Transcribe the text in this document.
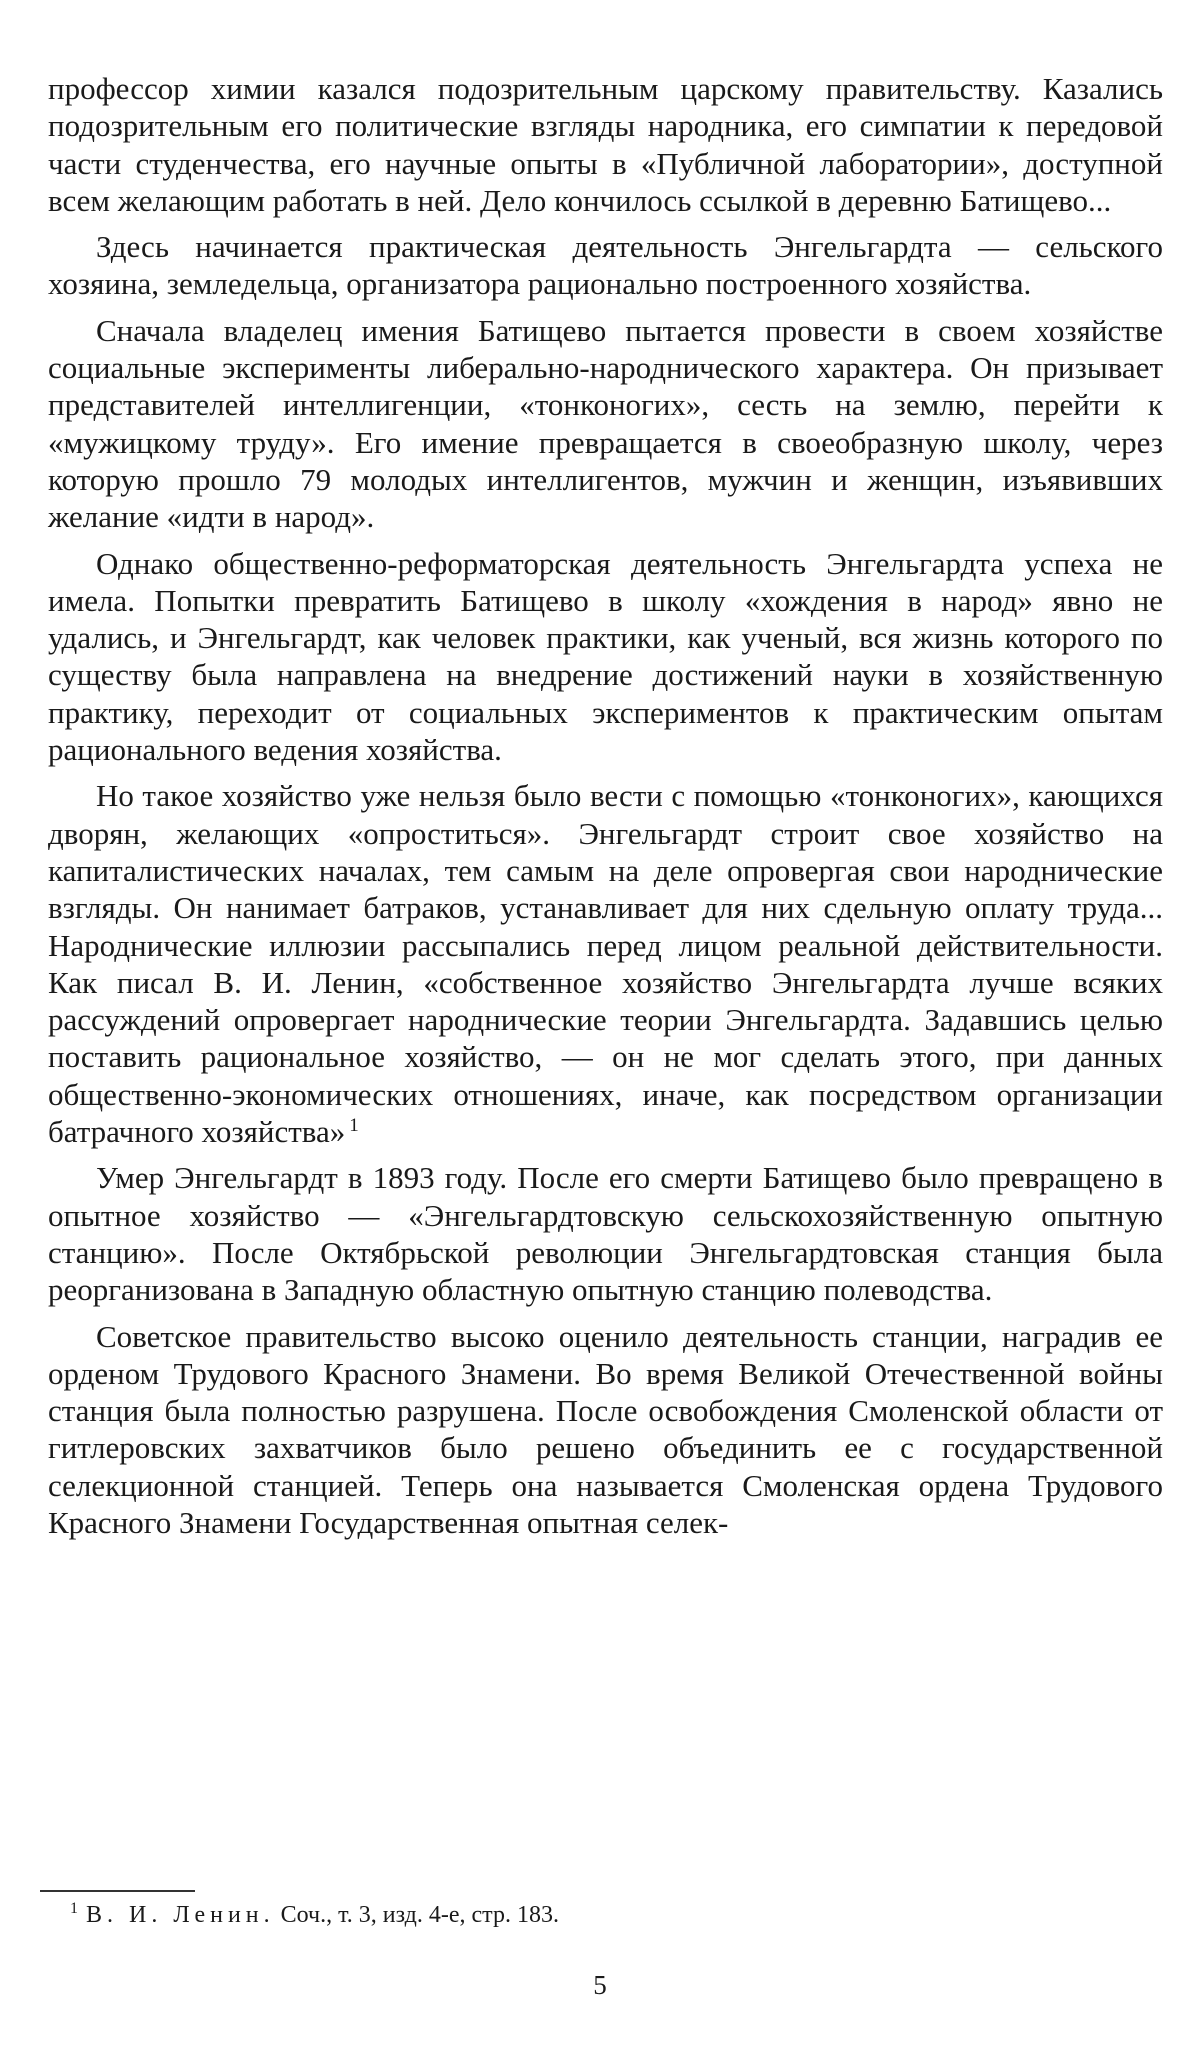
профессор химии казался подозрительным царскому правительству. Казались подозрительным его политические взгляды народника, его симпатии к передовой части студенчества, его научные опыты в «Публичной лаборатории», доступной всем желающим работать в ней. Дело кончилось ссылкой в деревню Батищево...

Здесь начинается практическая деятельность Энгельгардта — сельского хозяина, земледельца, организатора рационально построенного хозяйства.

Сначала владелец имения Батищево пытается провести в своем хозяйстве социальные эксперименты либерально-народнического характера. Он призывает представителей интеллигенции, «тонконогих», сесть на землю, перейти к «мужицкому труду». Его имение превращается в своеобразную школу, через которую прошло 79 молодых интеллигентов, мужчин и женщин, изъявивших желание «идти в народ».

Однако общественно-реформаторская деятельность Энгельгардта успеха не имела. Попытки превратить Батищево в школу «хождения в народ» явно не удались, и Энгельгардт, как человек практики, как ученый, вся жизнь которого по существу была направлена на внедрение достижений науки в хозяйственную практику, переходит от социальных экспериментов к практическим опытам рационального ведения хозяйства.

Но такое хозяйство уже нельзя было вести с помощью «тонконогих», кающихся дворян, желающих «опроститься». Энгельгардт строит свое хозяйство на капиталистических началах, тем самым на деле опровергая свои народнические взгляды. Он нанимает батраков, устанавливает для них сдельную оплату труда... Народнические иллюзии рассыпались перед лицом реальной действительности. Как писал В. И. Ленин, «собственное хозяйство Энгельгардта лучше всяких рассуждений опровергает народнические теории Энгельгардта. Задавшись целью поставить рациональное хозяйство, — он не мог сделать этого, при данных общественно-экономических отношениях, иначе, как посредством организации батрачного хозяйства» $^1$

Умер Энгельгардт в 1893 году. После его смерти Батищево было превращено в опытное хозяйство — «Энгельгардтовскую сельскохозяйственную опытную станцию». После Октябрьской революции Энгельгардтовская станция была реорганизована в Западную областную опытную станцию полеводства.

Советское правительство высоко оценило деятельность станции, наградив ее орденом Трудового Красного Знамени. Во время Великой Отечественной войны станция была полностью разрушена. После освобождения Смоленской области от гитлеровских захватчиков было решено объединить ее с государственной селекционной станцией. Теперь она называется Смоленская ордена Трудового Красного Знамени Государственная опытная селек-

$^1$ В. И. Ленин. Соч., т. 3, изд. 4-е, стр. 183.
5
